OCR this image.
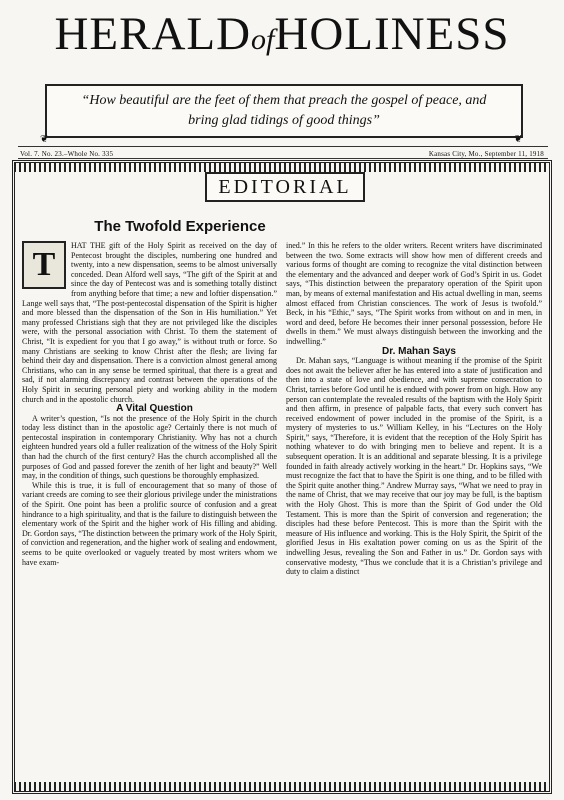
HERALDofHOLINESS
“How beautiful are the feet of them that preach the gospel of peace, and
bring glad tidings of good things”
❦	❦
Vol. 7. No. 23.–Whole No. 335	Kansas City, Mo., September 11, 1918
EDITORIAL
The Twofold Experience

T
HAT THE gift of the Holy Spirit as received on the day of Pentecost brought the disciples, numbering one hundred and twenty, into a new dispensation, seems to be almost universally conceded. Dean Alford well says, “The gift of the Spirit at and since the day of Pentecost was and is something totally distinct from anything before that time; a new and loftier dispensation.” Lange well says that, “The post-pentecostal dispensation of the Spirit is higher and more blessed than the dispensation of the Son in His humiliation.” Yet many professed Christians sigh that they are not privileged like the disciples were, with the personal association with Christ. To them the statement of Christ, “It is expedient for you that I go away,” is without truth or force. So many Christians are seeking to know Christ after the flesh; are living far behind their day and dispensation. There is a conviction almost general among Christians, who can in any sense be termed spiritual, that there is a great and sad, if not alarming discrepancy and contrast between the operations of the Holy Spirit in securing personal piety and working ability in the modern church and in the apostolic church.

A Vital Question

A writer’s question, “Is not the presence of the Holy Spirit in the church today less distinct than in the apostolic age? Certainly there is not much of pentecostal inspiration in contemporary Christianity. Why has not a church eighteen hundred years old a fuller realization of the witness of the Holy Spirit than had the church of the first century? Has the church accomplished all the purposes of God and passed forever the zenith of her light and beauty?” Well may, in the condition of things, such questions be thoroughly emphasized.

While this is true, it is full of encouragement that so many of those of variant creeds are coming to see their glorious privilege under the ministrations of the Spirit. One point has been a prolific source of confusion and a great hindrance to a high spirituality, and that is the failure to distinguish between the elementary work of the Spirit and the higher work of His filling and abiding. Dr. Gordon says, “The distinction between the primary work of the Holy Spirit, of conviction and regeneration, and the higher work of sealing and endowment, seems to be quite overlooked or vaguely treated by most writers whom we have exam-

ined.” In this he refers to the older writers. Recent writers have discriminated between the two. Some extracts will show how men of different creeds and various forms of thought are coming to recognize the vital distinction between the elementary and the advanced and deeper work of God’s Spirit in us. Godet says, “This distinction between the preparatory operation of the Spirit upon man, by means of external manifestation and His actual dwelling in man, seems almost effaced from Christian consciences. The work of Jesus is twofold.” Beck, in his “Ethic,” says, “The Spirit works from without on and in men, in word and deed, before He becomes their inner personal possession, before He dwells in them.” We must always distinguish between the inworking and the indwelling.”

Dr. Mahan Says

Dr. Mahan says, “Language is without meaning if the promise of the Spirit does not await the believer after he has entered into a state of justification and then into a state of love and obedience, and with supreme consecration to Christ, tarries before God until he is endued with power from on high. How any person can contemplate the revealed results of the baptism with the Holy Spirit and then affirm, in presence of palpable facts, that every such convert has received endowment of power included in the promise of the Spirit, is a mystery of mysteries to us.” William Kelley, in his “Lectures on the Holy Spirit,” says, “Therefore, it is evident that the reception of the Holy Spirit has nothing whatever to do with bringing men to believe and repent. It is a subsequent operation. It is an additional and separate blessing. It is a privilege founded in faith already actively working in the heart.” Dr. Hopkins says, “We must recognize the fact that to have the Spirit is one thing, and to be filled with the Spirit quite another thing.” Andrew Murray says, “What we need to pray in the name of Christ, that we may receive that our joy may be full, is the baptism with the Holy Ghost. This is more than the Spirit of God under the Old Testament. This is more than the Spirit of conversion and regeneration; the disciples had these before Pentecost. This is more than the Spirit with the measure of His influence and working. This is the Holy Spirit, the Spirit of the glorified Jesus in His exaltation power coming on us as the Spirit of the indwelling Jesus, revealing the Son and Father in us.” Dr. Gordon says with conservative modesty, “Thus we conclude that it is a Christian’s privilege and duty to claim a distinct
